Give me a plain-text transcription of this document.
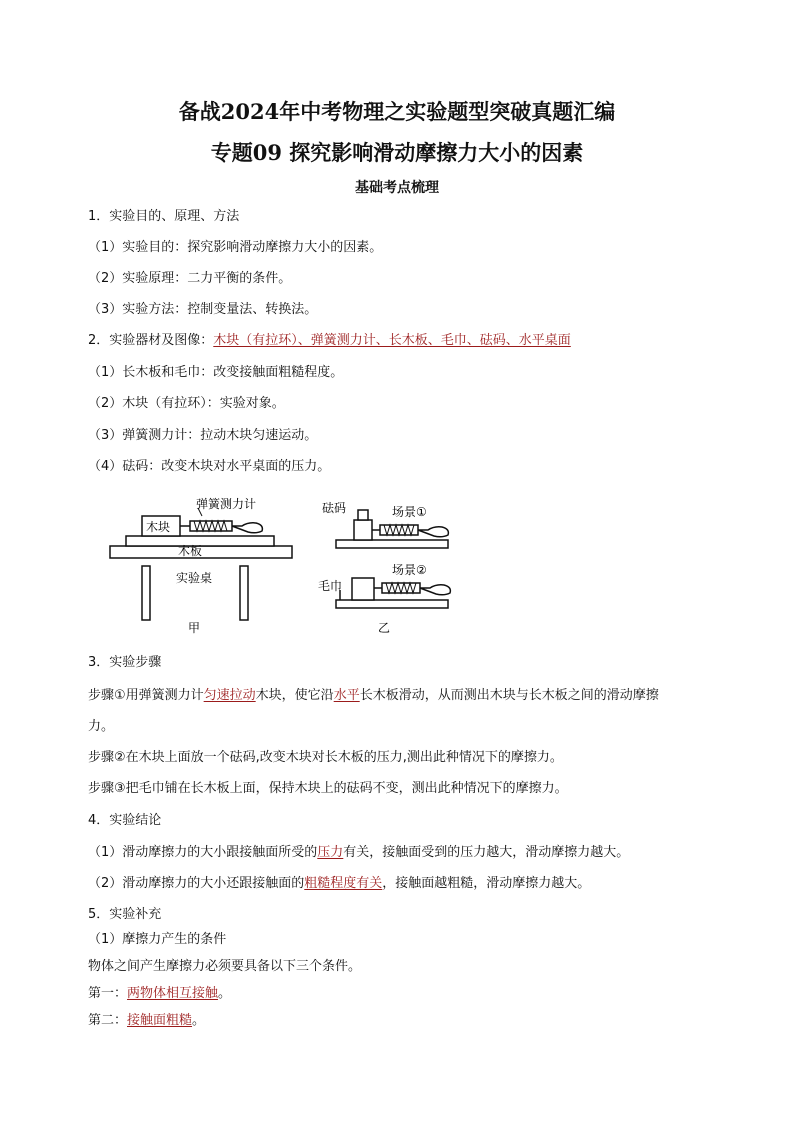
备战2024年中考物理之实验题型突破真题汇编
专题09 探究影响滑动摩擦力大小的因素
基础考点梳理
1．实验目的、原理、方法
（1）实验目的：探究影响滑动摩擦力大小的因素。
（2）实验原理：二力平衡的条件。
（3）实验方法：控制变量法、转换法。
2．实验器材及图像：木块（有拉环）、弹簧测力计、长木板、毛巾、砝码、水平桌面
（1）长木板和毛巾：改变接触面粗糙程度。
（2）木块（有拉环）：实验对象。
（3）弹簧测力计：拉动木块匀速运动。
（4）砝码：改变木块对水平桌面的压力。
弹簧测力计
木块
木板
实验桌
甲
砝码	场景①
毛巾
场景②
乙
3．实验步骤
步骤①用弹簧测力计匀速拉动木块，使它沿水平长木板滑动，从而测出木块与长木板之间的滑动摩擦
力。
步骤②在木块上面放一个砝码,改变木块对长木板的压力,测出此种情况下的摩擦力。
步骤③把毛巾铺在长木板上面，保持木块上的砝码不变，测出此种情况下的摩擦力。
4．实验结论
（1）滑动摩擦力的大小跟接触面所受的压力有关，接触面受到的压力越大，滑动摩擦力越大。
（2）滑动摩擦力的大小还跟接触面的粗糙程度有关，接触面越粗糙，滑动摩擦力越大。
5．实验补充
（1）摩擦力产生的条件
物体之间产生摩擦力必须要具备以下三个条件。
第一：两物体相互接触。
第二：接触面粗糙。
